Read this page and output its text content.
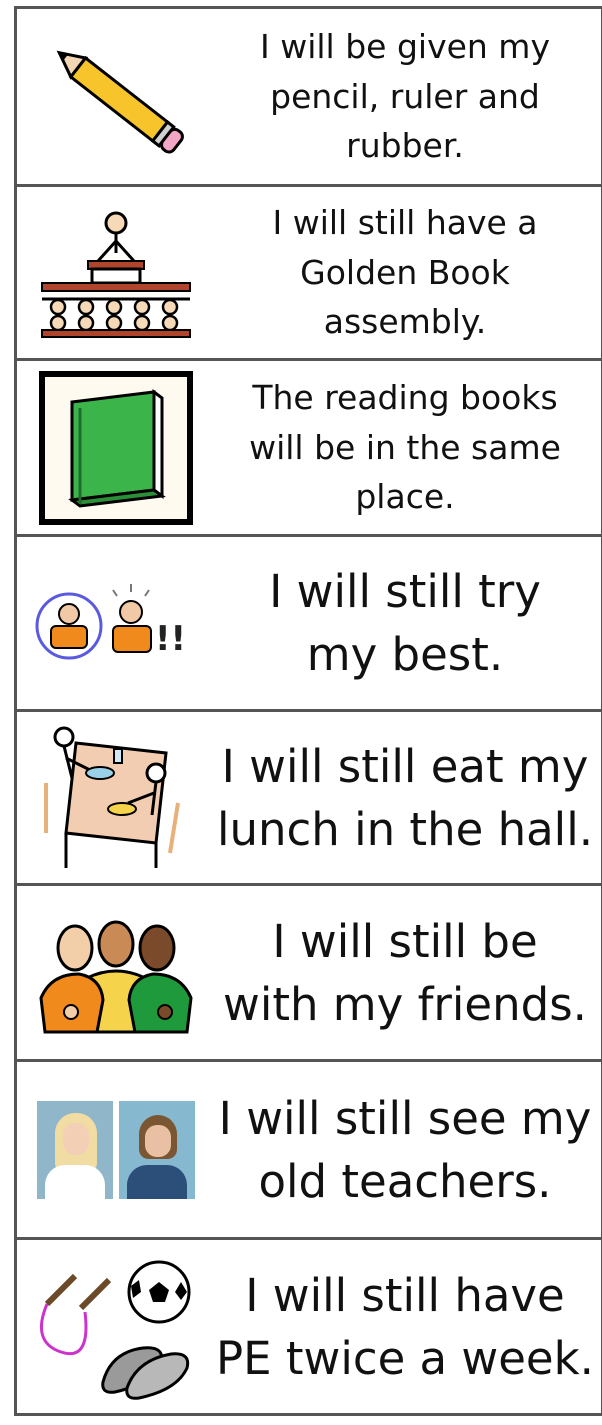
I will be given my
pencil, ruler and
rubber.
I will still have a
Golden Book
assembly.
The reading books
will be in the same
place.
!!
I will still try
my best.
I will still eat my
lunch in the hall.
I will still be
with my friends.
I will still see my
old teachers.
I will still have
PE twice a week.
